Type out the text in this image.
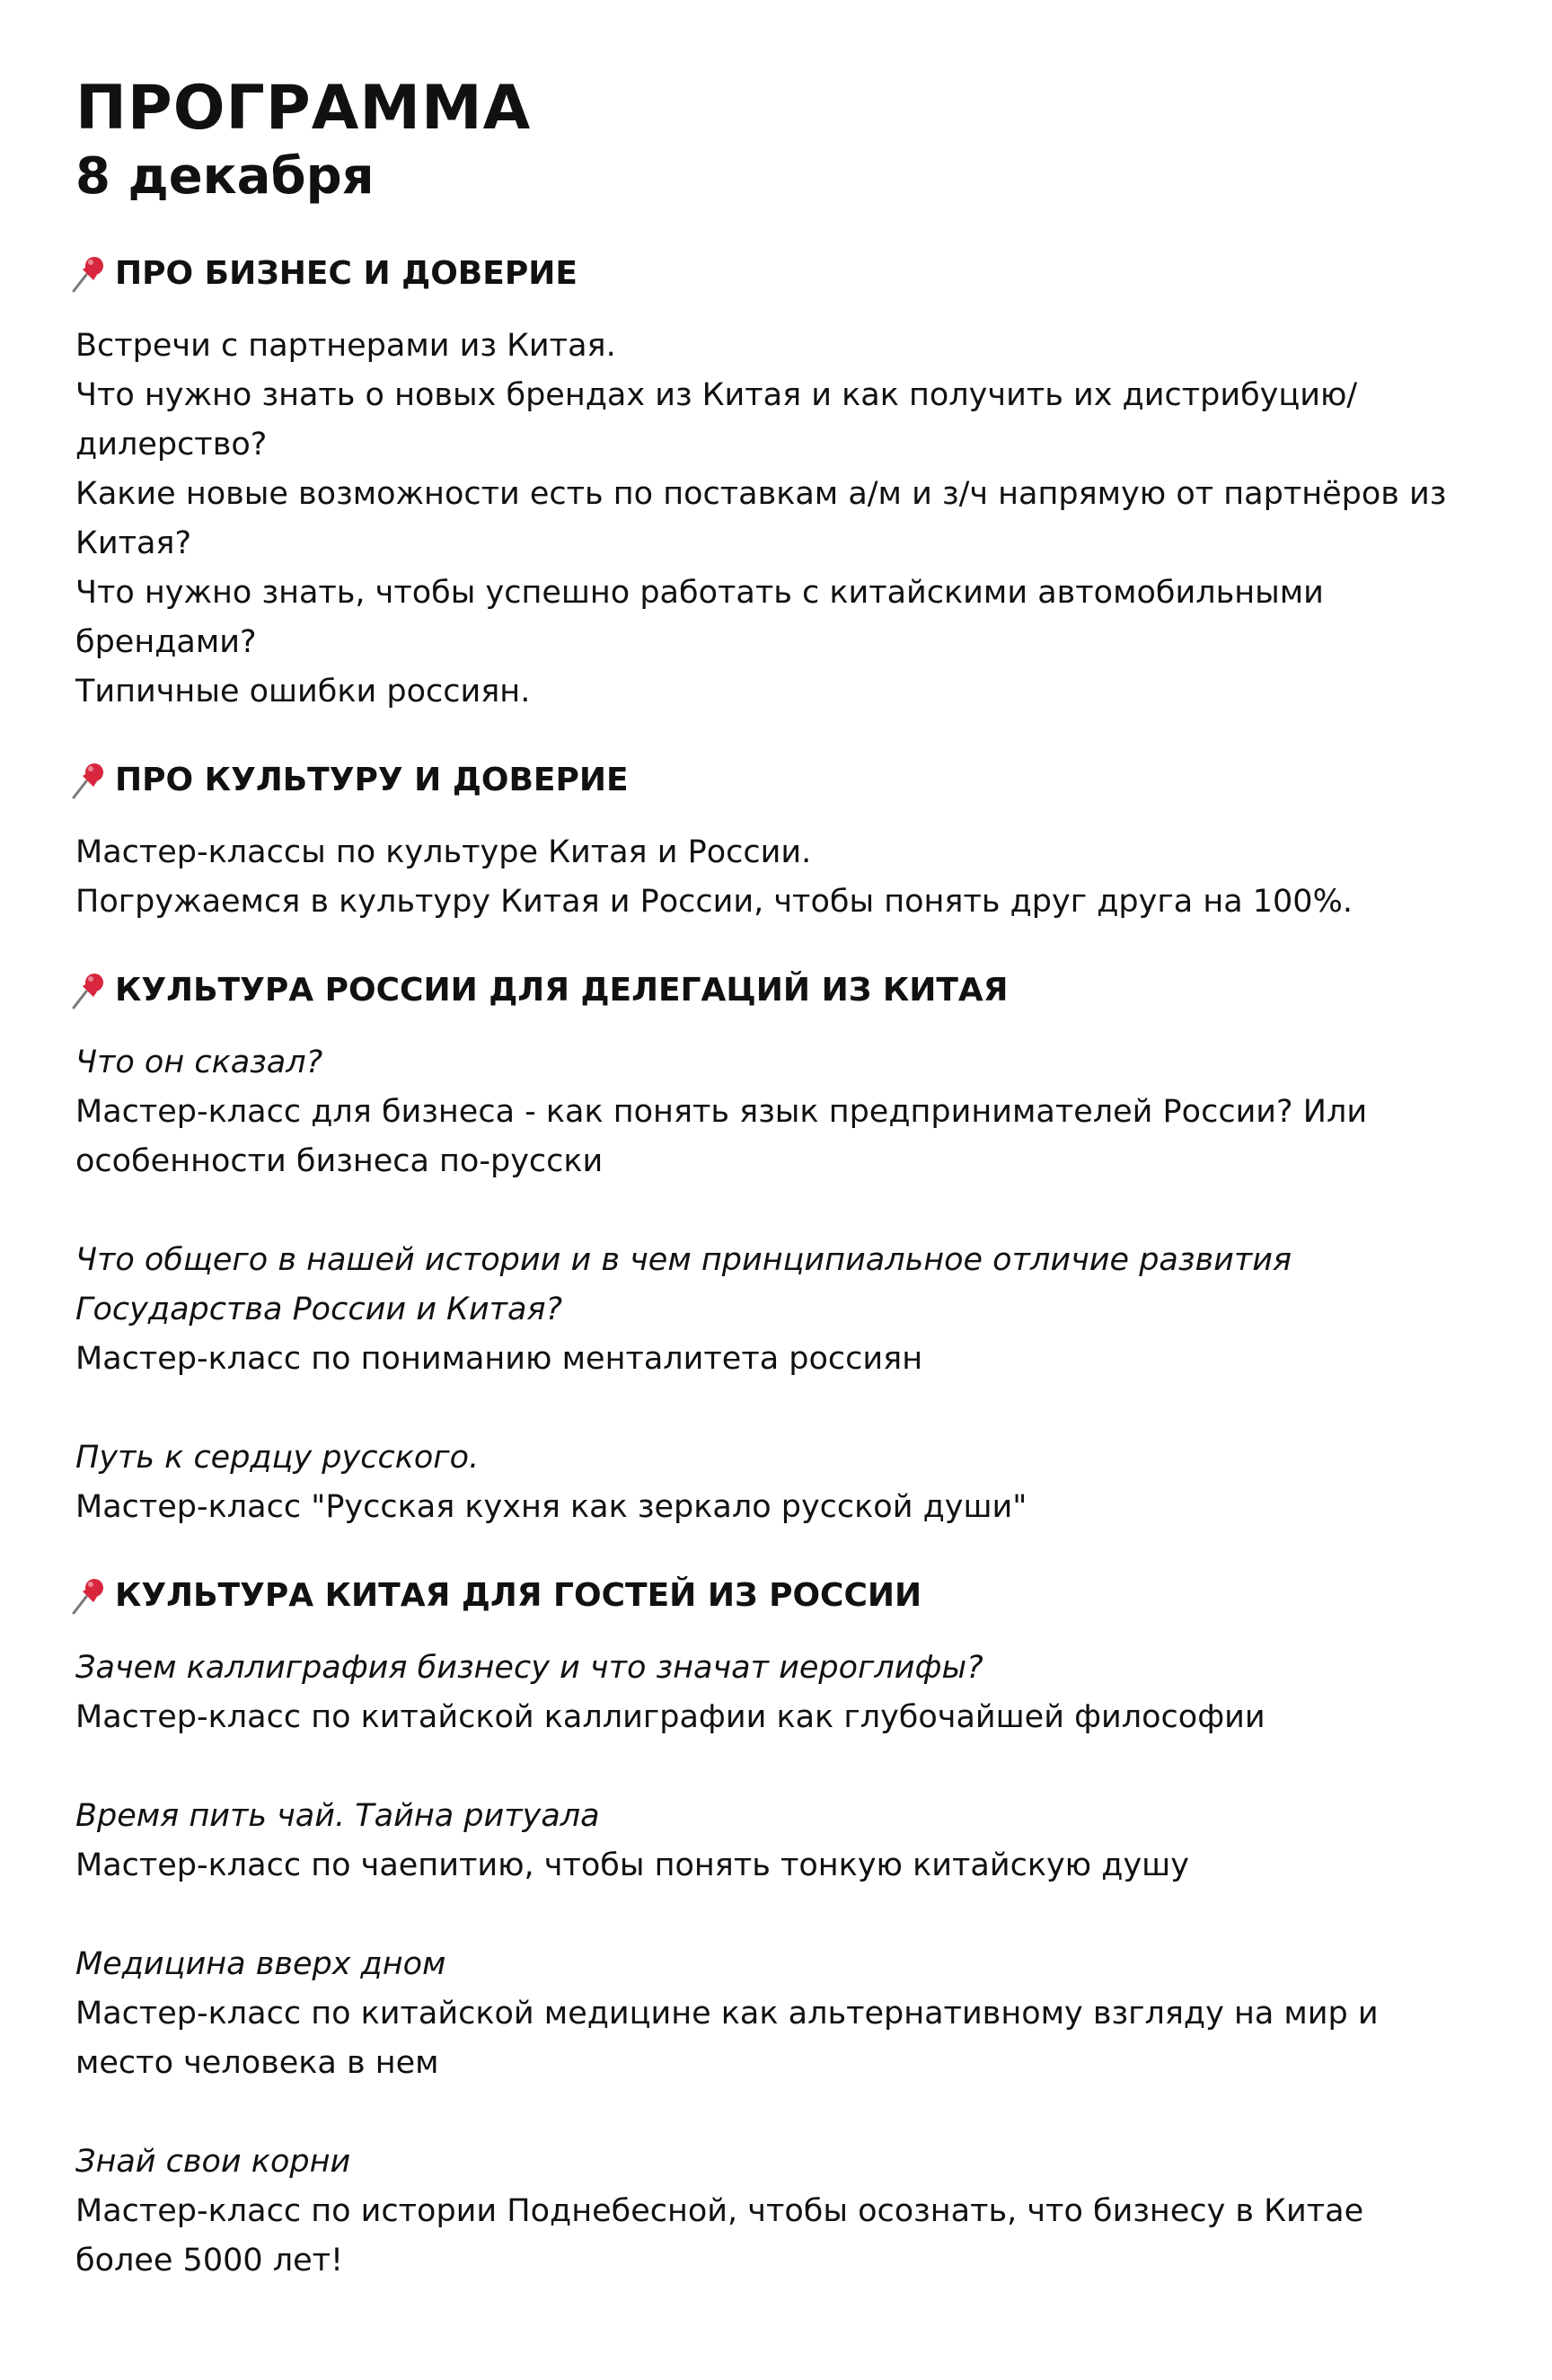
ПРОГРАММА
8 декабря
ПРО БИЗНЕС И ДОВЕРИЕ

Встречи с партнерами из Китая.

Что нужно знать о новых брендах из Китая и как получить их дистрибуцию/

дилерство?

Какие новые возможности есть по поставкам а/м и з/ч напрямую от партнёров из

Китая?

Что нужно знать, чтобы успешно работать с китайскими автомобильными

брендами?

Типичные ошибки россиян.

ПРО КУЛЬТУРУ И ДОВЕРИЕ

Мастер-классы по культуре Китая и России.

Погружаемся в культуру Китая и России, чтобы понять друг друга на 100%.

КУЛЬТУРА РОССИИ ДЛЯ ДЕЛЕГАЦИЙ ИЗ КИТАЯ

Что он сказал?

Мастер-класс для бизнеса - как понять язык предпринимателей России? Или

особенности бизнеса по-русски

Что общего в нашей истории и в чем принципиальное отличие развития

Государства России и Китая?

Мастер-класс по пониманию менталитета россиян

Путь к сердцу русского.

Мастер-класс "Русская кухня как зеркало русской души"

КУЛЬТУРА КИТАЯ ДЛЯ ГОСТЕЙ ИЗ РОССИИ

Зачем каллиграфия бизнесу и что значат иероглифы?

Мастер-класс по китайской каллиграфии как глубочайшей философии

Время пить чай. Тайна ритуала

Мастер-класс по чаепитию, чтобы понять тонкую китайскую душу

Медицина вверх дном

Мастер-класс по китайской медицине как альтернативному взгляду на мир и

место человека в нем

Знай свои корни

Мастер-класс по истории Поднебесной, чтобы осознать, что бизнесу в Китае

более 5000 лет!
